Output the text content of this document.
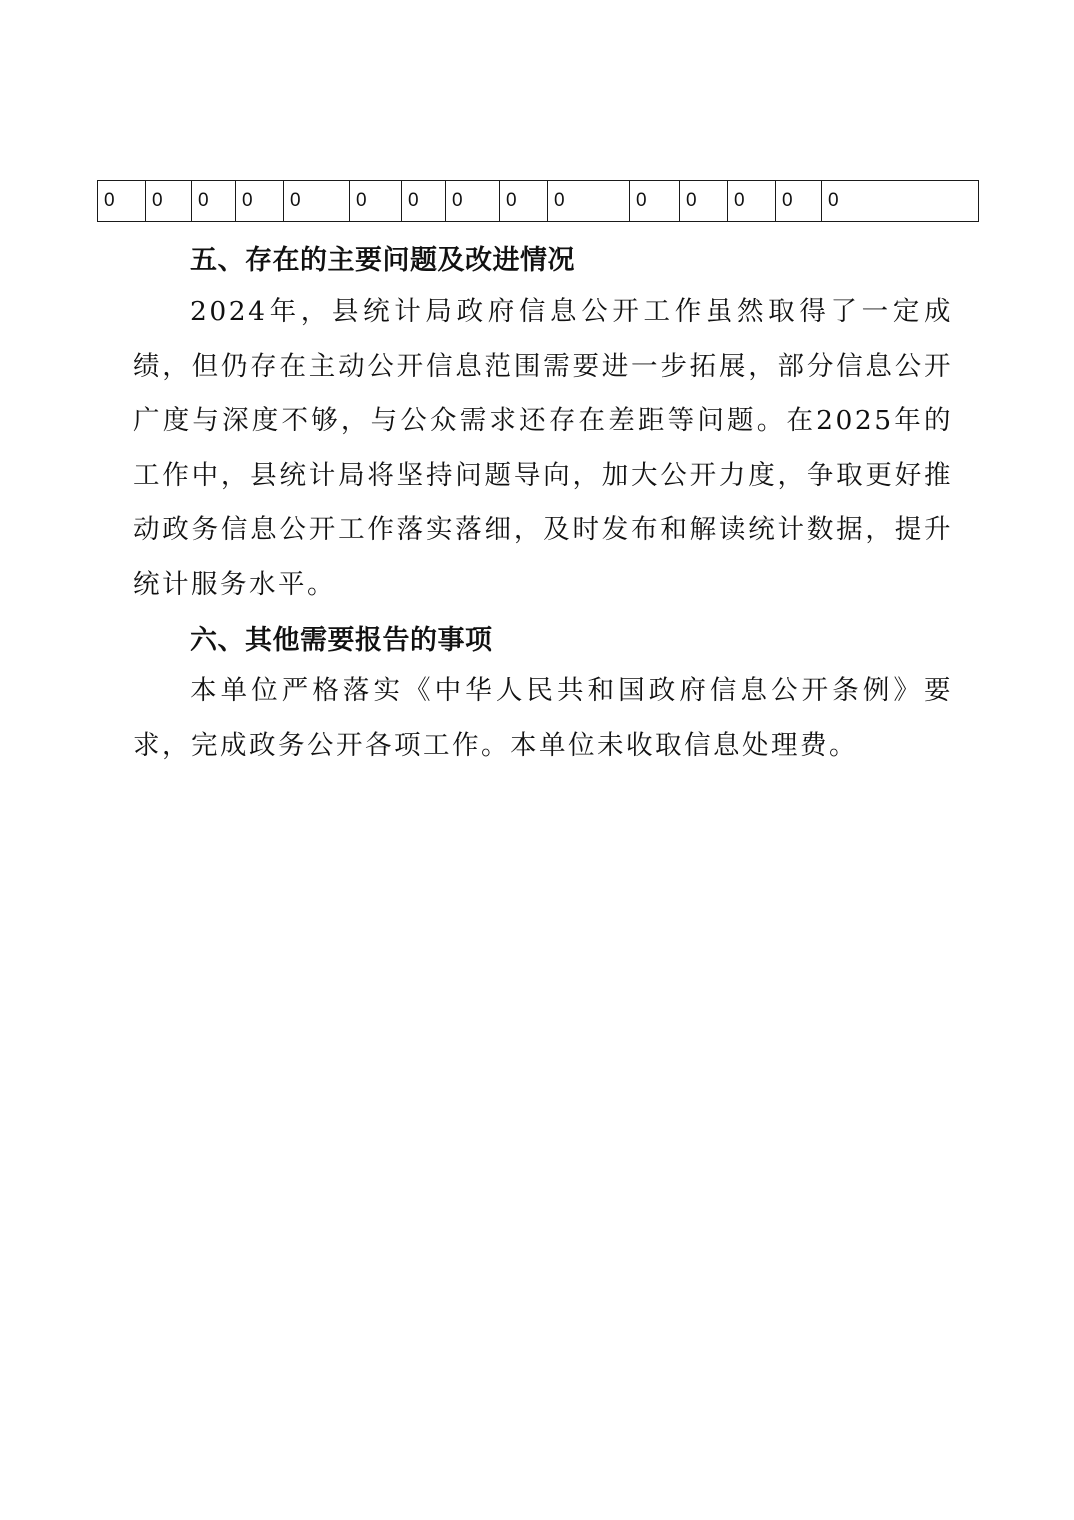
0	0	0	0	0	0	0	0	0	0	0	0	0	0	0
五、存在的主要问题及改进情况

2024年，县统计局政府信息公开工作虽然取得了一定成绩，但仍存在主动公开信息范围需要进一步拓展，部分信息公开广度与深度不够，与公众需求还存在差距等问题。在2025年的工作中，县统计局将坚持问题导向，加大公开力度，争取更好推动政务信息公开工作落实落细，及时发布和解读统计数据，提升统计服务水平。

六、其他需要报告的事项

本单位严格落实《中华人民共和国政府信息公开条例》要求，完成政务公开各项工作。本单位未收取信息处理费。
